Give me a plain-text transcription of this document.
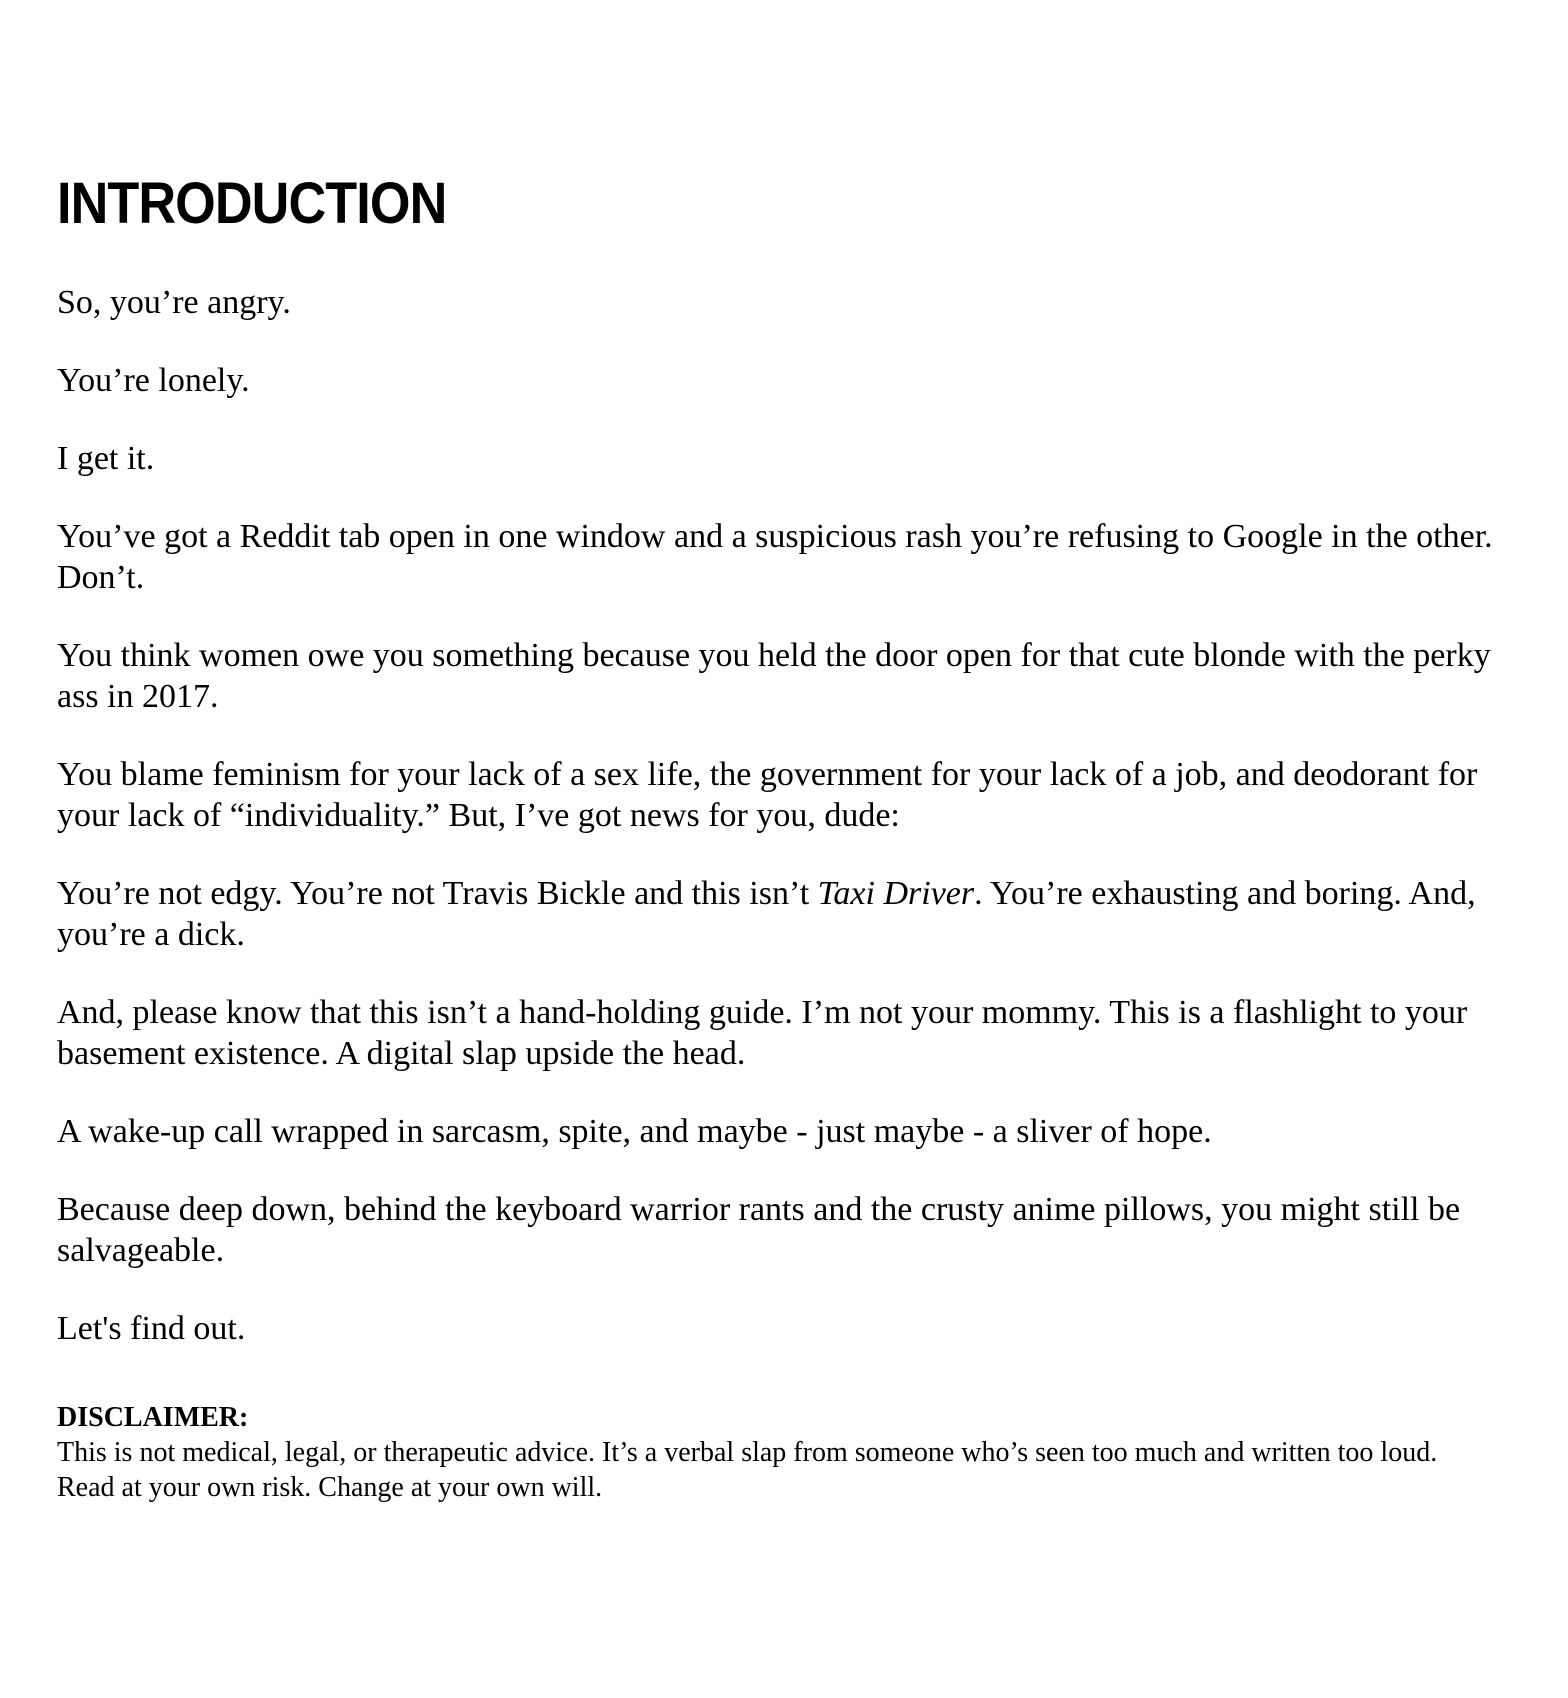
INTRODUCTION

So, you’re angry.

You’re lonely.

I get it.

You’ve got a Reddit tab open in one window and a suspicious rash you’re refusing to Google in the other. Don’t.

You think women owe you something because you held the door open for that cute blonde with the perky ass in 2017.

You blame feminism for your lack of a sex life, the government for your lack of a job, and deodorant for your lack of “individuality.” But, I’ve got news for you, dude:

You’re not edgy. You’re not Travis Bickle and this isn’t Taxi Driver. You’re exhausting and boring. And, you’re a dick.

And, please know that this isn’t a hand-holding guide. I’m not your mommy. This is a flashlight to your basement existence. A digital slap upside the head.

A wake-up call wrapped in sarcasm, spite, and maybe - just maybe - a sliver of hope.

Because deep down, behind the keyboard warrior rants and the crusty anime pillows, you might still be salvageable.

Let's find out.

DISCLAIMER:

This is not medical, legal, or therapeutic advice. It’s a verbal slap from someone who’s seen too much and written too loud. Read at your own risk. Change at your own will.
